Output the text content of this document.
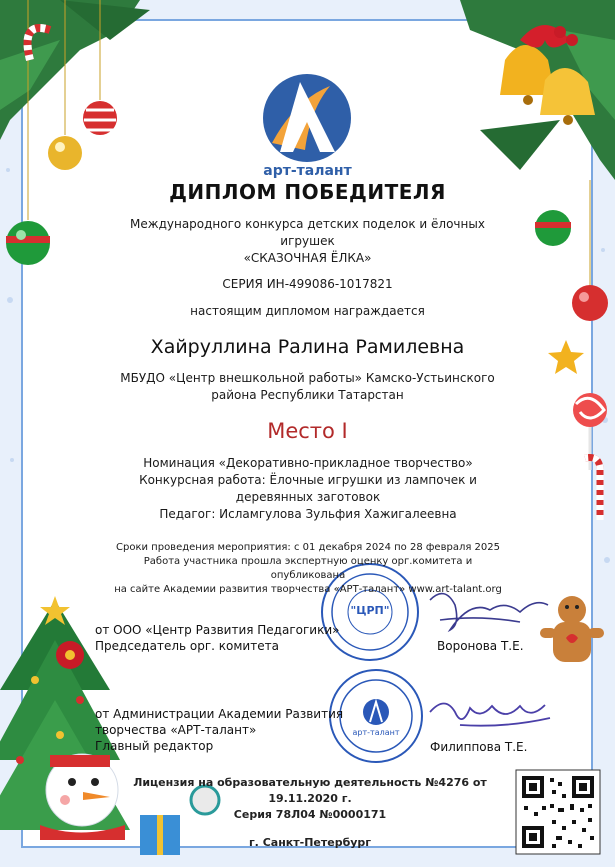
арт-талант
ДИПЛОМ ПОБЕДИТЕЛЯ
Международного конкурса детских поделок и ёлочных
игрушек
«СКАЗОЧНАЯ ЁЛКА»
СЕРИЯ ИН-499086-1017821
настоящим дипломом награждается
Хайруллина Ралина Рамилевна
МБУДО «Центр внешкольной работы» Камско-Устьинского
района Республики Татарстан
Место I
Номинация «Декоративно-прикладное творчество»
Конкурсная работа: Ёлочные игрушки из лампочек и
деревянных заготовок
Педагог: Исламгулова Зульфия Хажигалеевна
Сроки проведения мероприятия: с 01 декабря 2024 по 28 февраля 2025
Работа участника прошла экспертную оценку орг.комитета и опубликована
на сайте Академии развития творчества «АРТ-талант» www.art-talant.org
от ООО «Центр Развития Педагогики»
Председатель орг. комитета
"ЦРП"
Воронова Т.Е.
от Администрации Академии Развития
творчества «АРТ-талант»
Главный редактор
арт-талант
Филиппова Т.Е.
Лицензия на образовательную деятельность №4276 от 19.11.2020 г.
Серия 78Л04 №0000171
г. Санкт-Петербург
